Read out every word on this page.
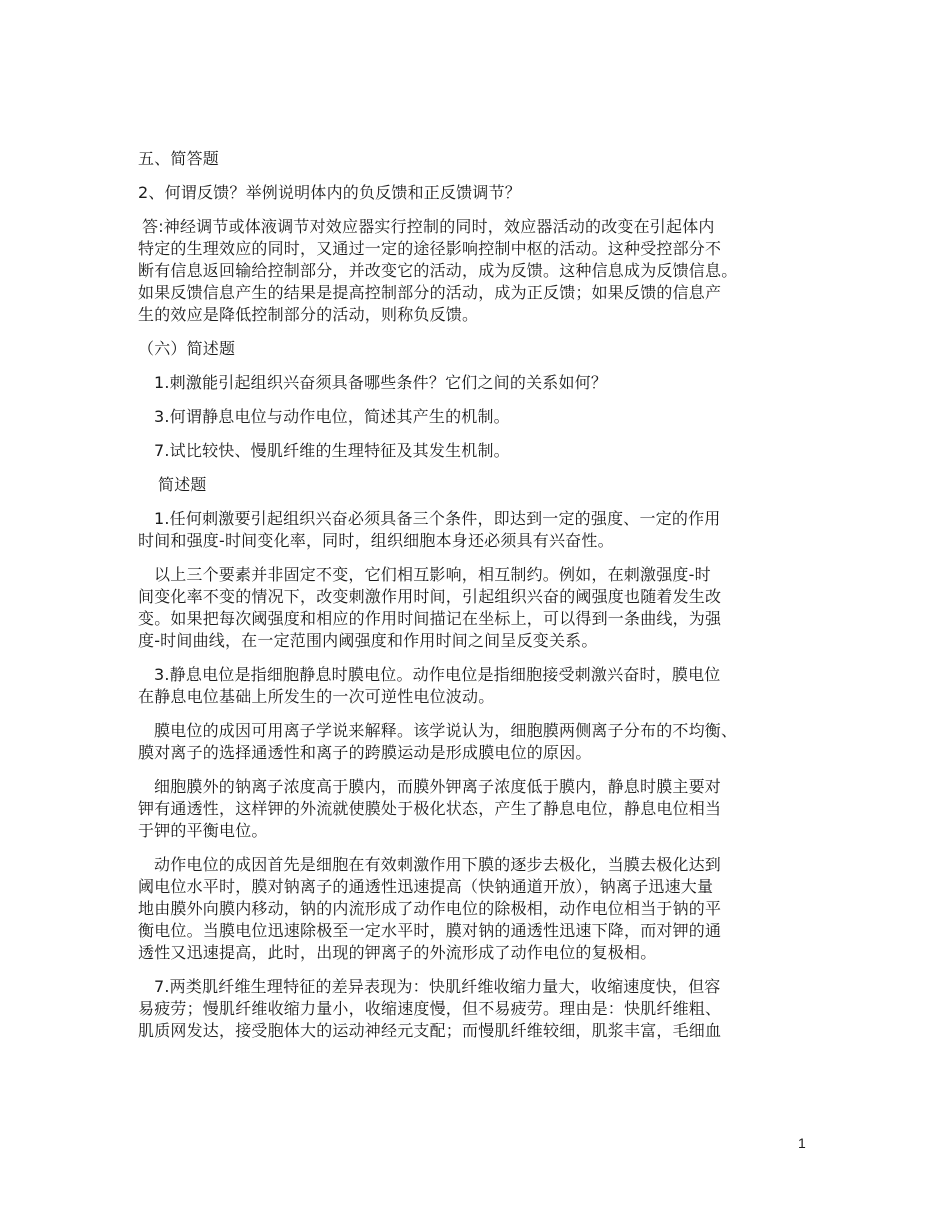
五、简答题
2、何谓反馈？举例说明体内的负反馈和正反馈调节？
答:神经调节或体液调节对效应器实行控制的同时，效应器活动的改变在引起体内
特定的生理效应的同时，又通过一定的途径影响控制中枢的活动。这种受控部分不
断有信息返回输给控制部分，并改变它的活动，成为反馈。这种信息成为反馈信息。
如果反馈信息产生的结果是提高控制部分的活动，成为正反馈；如果反馈的信息产
生的效应是降低控制部分的活动，则称负反馈。
（六）简述题
1.刺激能引起组织兴奋须具备哪些条件？它们之间的关系如何？
3.何谓静息电位与动作电位，简述其产生的机制。
7.试比较快、慢肌纤维的生理特征及其发生机制。
简述题
1.任何刺激要引起组织兴奋必须具备三个条件，即达到一定的强度、一定的作用
时间和强度-时间变化率，同时，组织细胞本身还必须具有兴奋性。
以上三个要素并非固定不变，它们相互影响，相互制约。例如，在刺激强度-时
间变化率不变的情况下，改变刺激作用时间，引起组织兴奋的阈强度也随着发生改
变。如果把每次阈强度和相应的作用时间描记在坐标上，可以得到一条曲线，为强
度-时间曲线，在一定范围内阈强度和作用时间之间呈反变关系。
3.静息电位是指细胞静息时膜电位。动作电位是指细胞接受刺激兴奋时，膜电位
在静息电位基础上所发生的一次可逆性电位波动。
膜电位的成因可用离子学说来解释。该学说认为，细胞膜两侧离子分布的不均衡、
膜对离子的选择通透性和离子的跨膜运动是形成膜电位的原因。
细胞膜外的钠离子浓度高于膜内，而膜外钾离子浓度低于膜内，静息时膜主要对
钾有通透性，这样钾的外流就使膜处于极化状态，产生了静息电位，静息电位相当
于钾的平衡电位。
动作电位的成因首先是细胞在有效刺激作用下膜的逐步去极化，当膜去极化达到
阈电位水平时，膜对钠离子的通透性迅速提高（快钠通道开放），钠离子迅速大量
地由膜外向膜内移动，钠的内流形成了动作电位的除极相，动作电位相当于钠的平
衡电位。当膜电位迅速除极至一定水平时，膜对钠的通透性迅速下降，而对钾的通
透性又迅速提高，此时，出现的钾离子的外流形成了动作电位的复极相。
7.两类肌纤维生理特征的差异表现为：快肌纤维收缩力量大，收缩速度快，但容
易疲劳；慢肌纤维收缩力量小，收缩速度慢，但不易疲劳。理由是：快肌纤维粗、
肌质网发达，接受胞体大的运动神经元支配；而慢肌纤维较细，肌浆丰富，毛细血
1
